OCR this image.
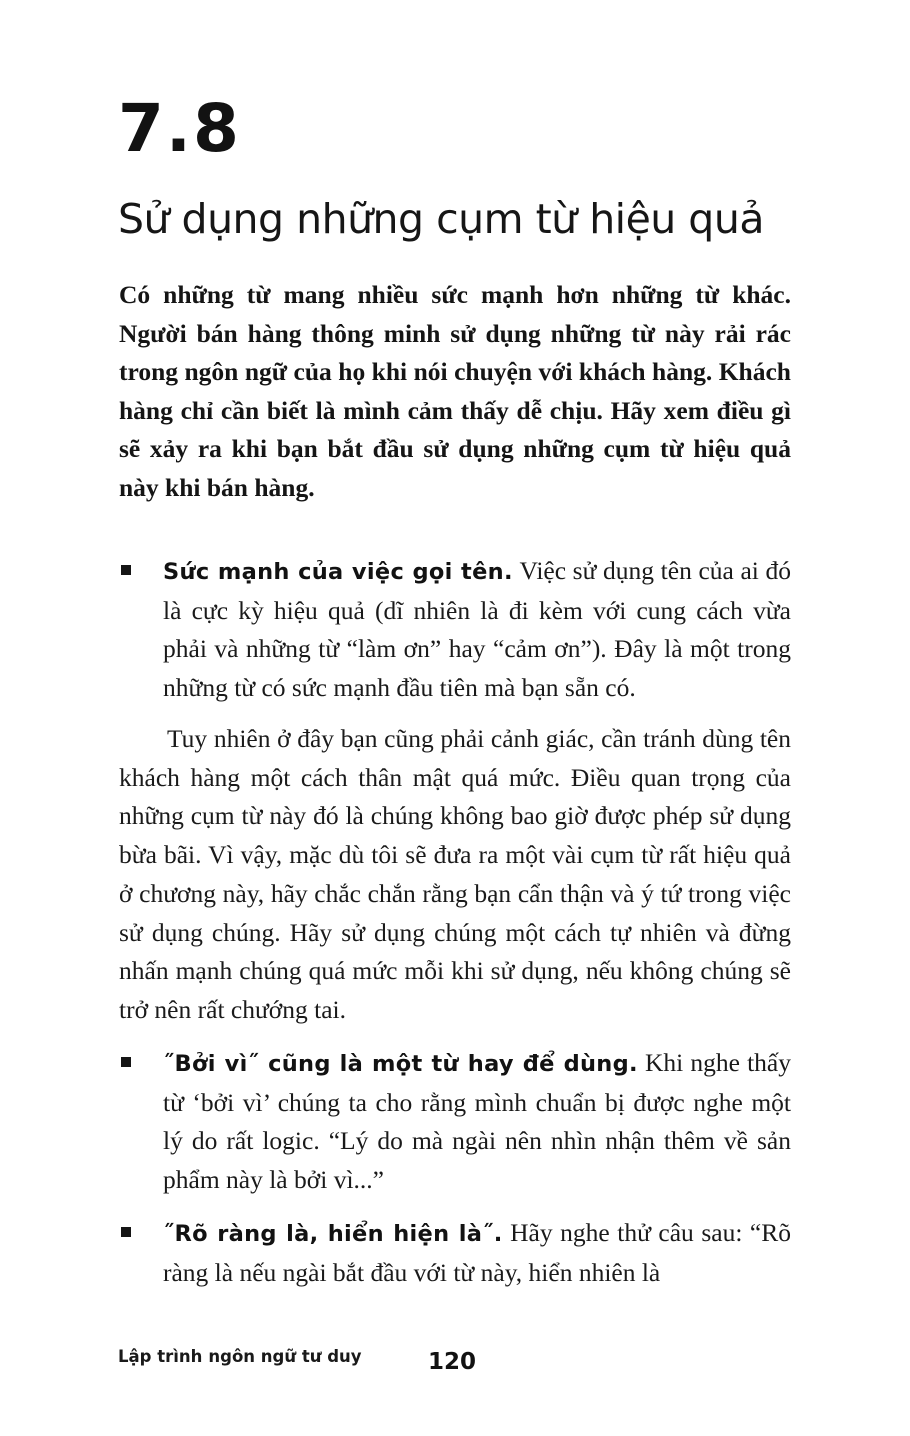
7.8
Sử dụng những cụm từ hiệu quả
Có những từ mang nhiều sức mạnh hơn những từ khác. Người bán hàng thông minh sử dụng những từ này rải rác trong ngôn ngữ của họ khi nói chuyện với khách hàng. Khách hàng chỉ cần biết là mình cảm thấy dễ chịu. Hãy xem điều gì sẽ xảy ra khi bạn bắt đầu sử dụng những cụm từ hiệu quả này khi bán hàng.
Sức mạnh của việc gọi tên. Việc sử dụng tên của ai đó là cực kỳ hiệu quả (dĩ nhiên là đi kèm với cung cách vừa phải và những từ “làm ơn” hay “cảm ơn”). Đây là một trong những từ có sức mạnh đầu tiên mà bạn sẵn có.
Tuy nhiên ở đây bạn cũng phải cảnh giác, cần tránh dùng tên khách hàng một cách thân mật quá mức. Điều quan trọng của những cụm từ này đó là chúng không bao giờ được phép sử dụng bừa bãi. Vì vậy, mặc dù tôi sẽ đưa ra một vài cụm từ rất hiệu quả ở chương này, hãy chắc chắn rằng bạn cẩn thận và ý tứ trong việc sử dụng chúng. Hãy sử dụng chúng một cách tự nhiên và đừng nhấn mạnh chúng quá mức mỗi khi sử dụng, nếu không chúng sẽ trở nên rất chướng tai.
˝Bởi vì˝ cũng là một từ hay để dùng. Khi nghe thấy từ ‘bởi vì’ chúng ta cho rằng mình chuẩn bị được nghe một lý do rất logic. “Lý do mà ngài nên nhìn nhận thêm về sản phẩm này là bởi vì...”
˝Rõ ràng là, hiển hiện là˝. Hãy nghe thử câu sau: “Rõ ràng là nếu ngài bắt đầu với từ này, hiển nhiên là
Lập trình ngôn ngữ tư duy	120
